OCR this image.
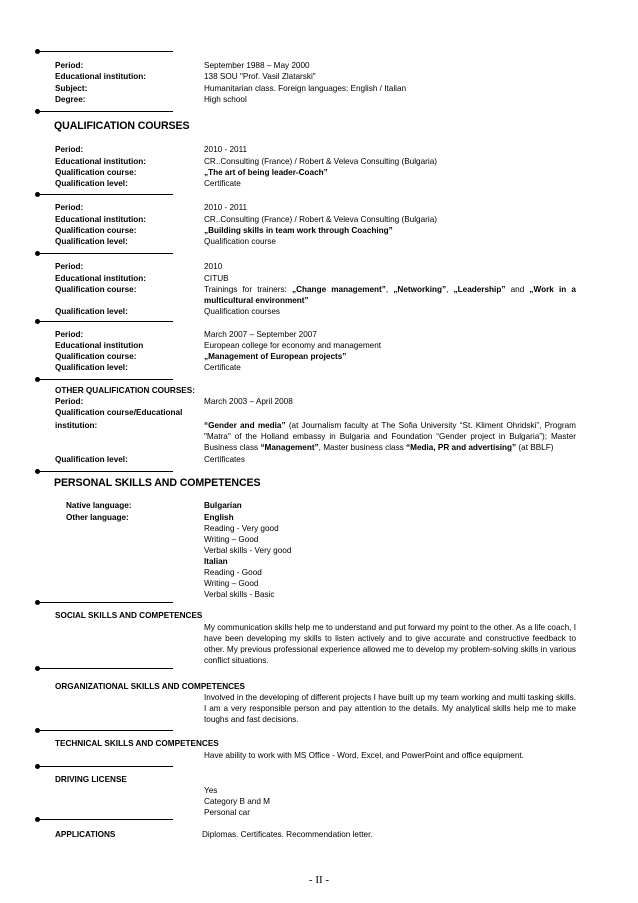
Period:	September 1988 – May 2000
Educational institution:	138 SOU "Prof. Vasil Zlatarski"
Subject:	Humanitarian class. Foreign languages: English / Italian
Degree:	High school
QUALIFICATION COURSES
Period:	2010 - 2011
Educational institution:	CR..Consulting (France) / Robert & Veleva Consulting (Bulgaria)
Qualification course:	„The art of being leader-Coach”
Qualification level:	Certificate
Period:	2010 - 2011
Educational institution:	CR..Consulting (France) / Robert & Veleva Consulting (Bulgaria)
Qualification course:	„Building skills in team work through Coaching”
Qualification level:	Qualification course
Period:	2010
Educational institution:	CITUB
Qualification course:	Trainings for trainers: „Change management”, „Networking”, „Leadership” and „Work in a multicultural environment”
Qualification level:	Qualification courses
Period:	March 2007 – September 2007
Educational institution	European college for economy and management
Qualification course:	„Management of European projects”
Qualification level:	Certificate
OTHER QUALIFICATION COURSES:
Period:	March 2003 – April 2008
Qualification course/Educational
institution:	“Gender and media” (at Journalism faculty at The Sofia University “St. Kliment Ohridski”, Program "Matra" of the Holland embassy in Bulgaria and Foundation “Gender project in Bulgaria”); Master Business class “Management”, Master business class “Media, PR and advertising” (at BBLF)
Qualification level:	Certificates
PERSONAL SKILLS AND COMPETENCES
Native language:	Bulgarian
Other language:	English
Reading - Very good
Writing – Good
Verbal skills - Very good
Italian
Reading - Good
Writing – Good
Verbal skills - Basic
SOCIAL SKILLS AND COMPETENCES
My communication skills help me to understand and put forward my point to the other. As a life coach, I have been developing my skills to listen actively and to give accurate and constructive feedback to other. My previous professional experience allowed me to develop my problem-solving skills in various conflict situations.
ORGANIZATIONAL SKILLS AND COMPETENCES
Involved in the developing of different projects I have built up my team working and multi tasking skills. I am a very responsible person and pay attention to the details. My analytical skills help me to make toughs and fast decisions.
TECHNICAL SKILLS AND COMPETENCES
Have ability to work with MS Office - Word, Excel, and PowerPoint and office equipment.
DRIVING LICENSE
Yes
Category B and M
Personal car
APPLICATIONS	Diplomas. Certificates. Recommendation letter.
- II -
